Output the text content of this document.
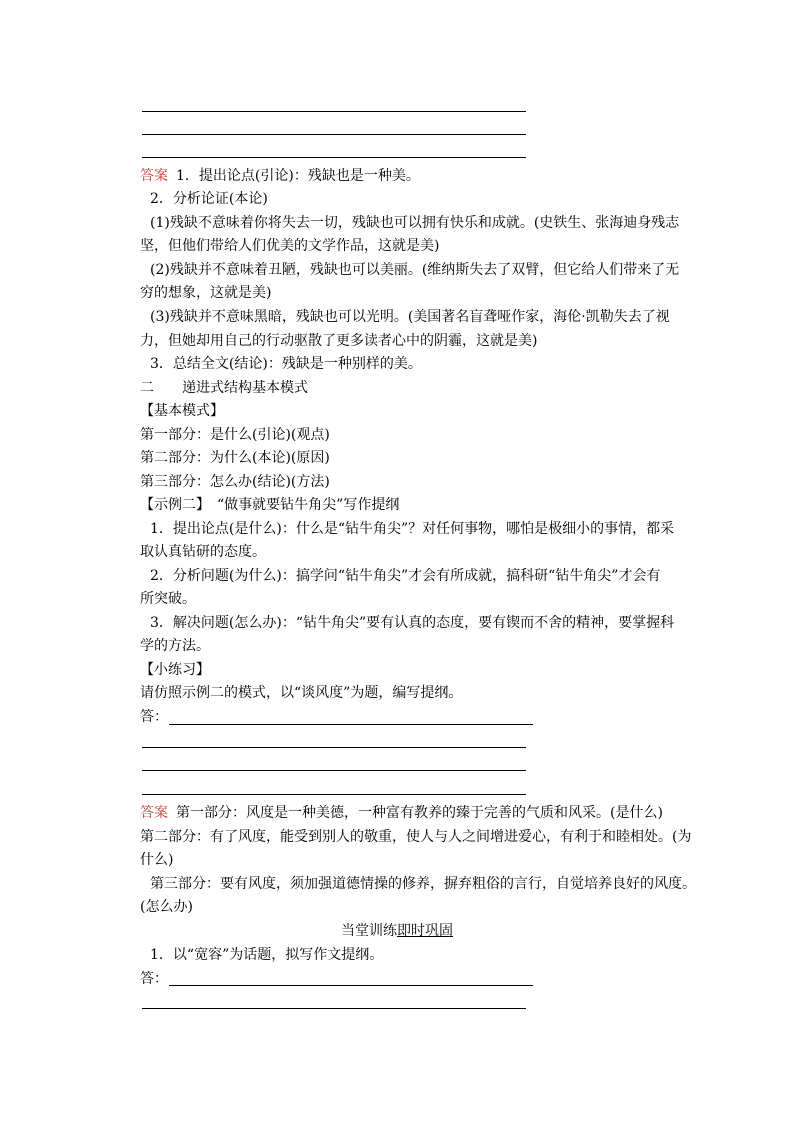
答案 1．提出论点(引论)：残缺也是一种美。
2．分析论证(本论)
(1)残缺不意味着你将失去一切，残缺也可以拥有快乐和成就。(史铁生、张海迪身残志
坚，但他们带给人们优美的文学作品，这就是美)
(2)残缺并不意味着丑陋，残缺也可以美丽。(维纳斯失去了双臂，但它给人们带来了无
穷的想象，这就是美)
(3)残缺并不意味黑暗，残缺也可以光明。(美国著名盲聋哑作家，海伦·凯勒失去了视
力，但她却用自己的行动驱散了更多读者心中的阴霾，这就是美)
3．总结全文(结论)：残缺是一种别样的美。
二　　递进式结构基本模式
【基本模式】
第一部分：是什么(引论)(观点)
第二部分：为什么(本论)(原因)
第三部分：怎么办(结论)(方法)
【示例二】　“做事就要钻牛角尖”写作提纲
1．提出论点(是什么)：什么是“钻牛角尖”？对任何事物，哪怕是极细小的事情，都采
取认真钻研的态度。
2．分析问题(为什么)：搞学问“钻牛角尖”才会有所成就，搞科研“钻牛角尖”才会有
所突破。
3．解决问题(怎么办)：“钻牛角尖”要有认真的态度，要有锲而不舍的精神，要掌握科
学的方法。
【小练习】
请仿照示例二的模式，以“谈风度”为题，编写提纲。
答：
答案 第一部分：风度是一种美德，一种富有教养的臻于完善的气质和风采。(是什么)
第二部分：有了风度，能受到别人的敬重，使人与人之间增进爱心，有利于和睦相处。(为
什么)
第三部分：要有风度，须加强道德情操的修养，摒弃粗俗的言行，自觉培养良好的风度。
(怎么办)
当堂训练即时巩固
1．以“宽容”为话题，拟写作文提纲。
答：
